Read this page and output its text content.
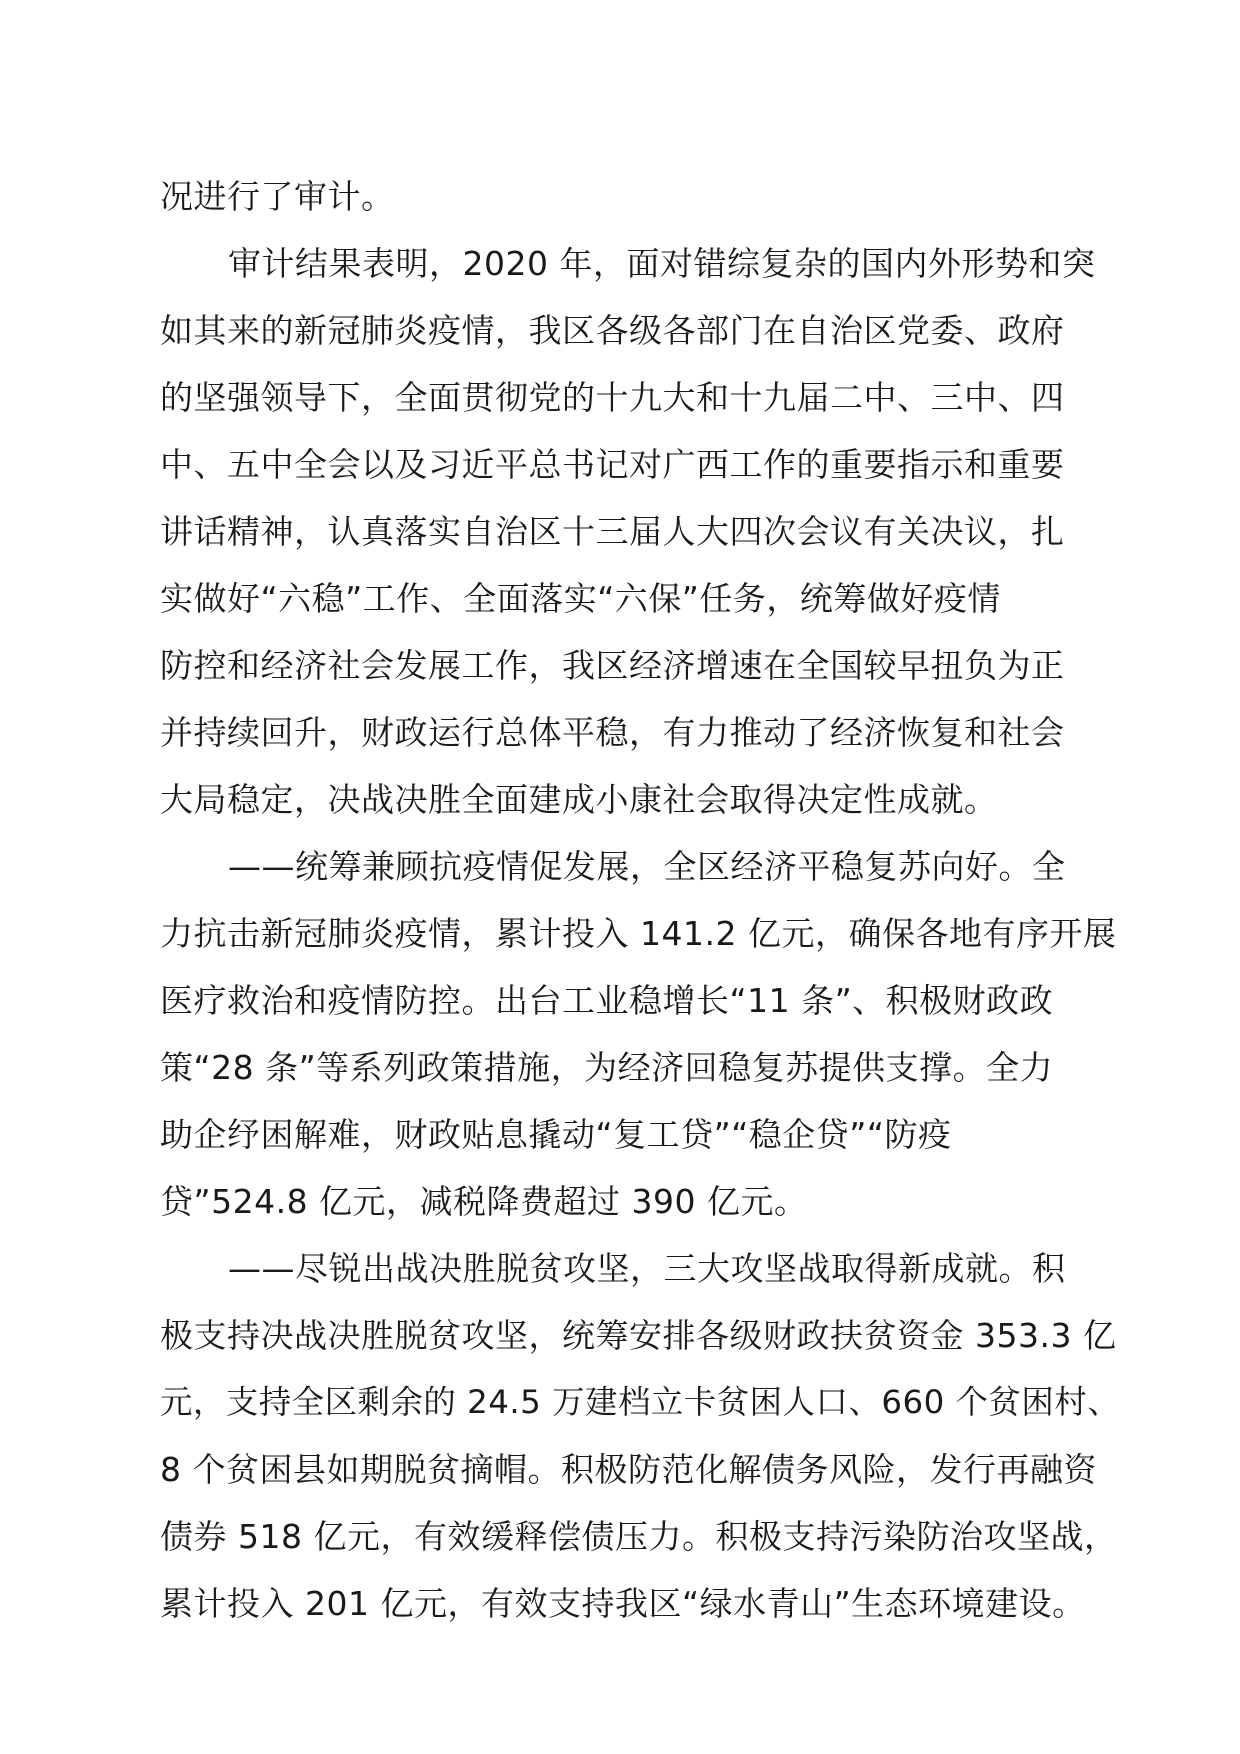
况进行了审计。
审计结果表明，2020 年，面对错综复杂的国内外形势和突
如其来的新冠肺炎疫情，我区各级各部门在自治区党委、政府
的坚强领导下，全面贯彻党的十九大和十九届二中、三中、四
中、五中全会以及习近平总书记对广西工作的重要指示和重要
讲话精神，认真落实自治区十三届人大四次会议有关决议，扎
实做好“六稳”工作、全面落实“六保”任务，统筹做好疫情
防控和经济社会发展工作，我区经济增速在全国较早扭负为正
并持续回升，财政运行总体平稳，有力推动了经济恢复和社会
大局稳定，决战决胜全面建成小康社会取得决定性成就。
——统筹兼顾抗疫情促发展，全区经济平稳复苏向好。全
力抗击新冠肺炎疫情，累计投入 141.2 亿元，确保各地有序开展
医疗救治和疫情防控。出台工业稳增长“11 条”、积极财政政
策“28 条”等系列政策措施，为经济回稳复苏提供支撑。全力
助企纾困解难，财政贴息撬动“复工贷”“稳企贷”“防疫
贷”524.8 亿元，减税降费超过 390 亿元。
——尽锐出战决胜脱贫攻坚，三大攻坚战取得新成就。积
极支持决战决胜脱贫攻坚，统筹安排各级财政扶贫资金 353.3 亿
元，支持全区剩余的 24.5 万建档立卡贫困人口、660 个贫困村、
8 个贫困县如期脱贫摘帽。积极防范化解债务风险，发行再融资
债券 518 亿元，有效缓释偿债压力。积极支持污染防治攻坚战，
累计投入 201 亿元，有效支持我区“绿水青山”生态环境建设。
